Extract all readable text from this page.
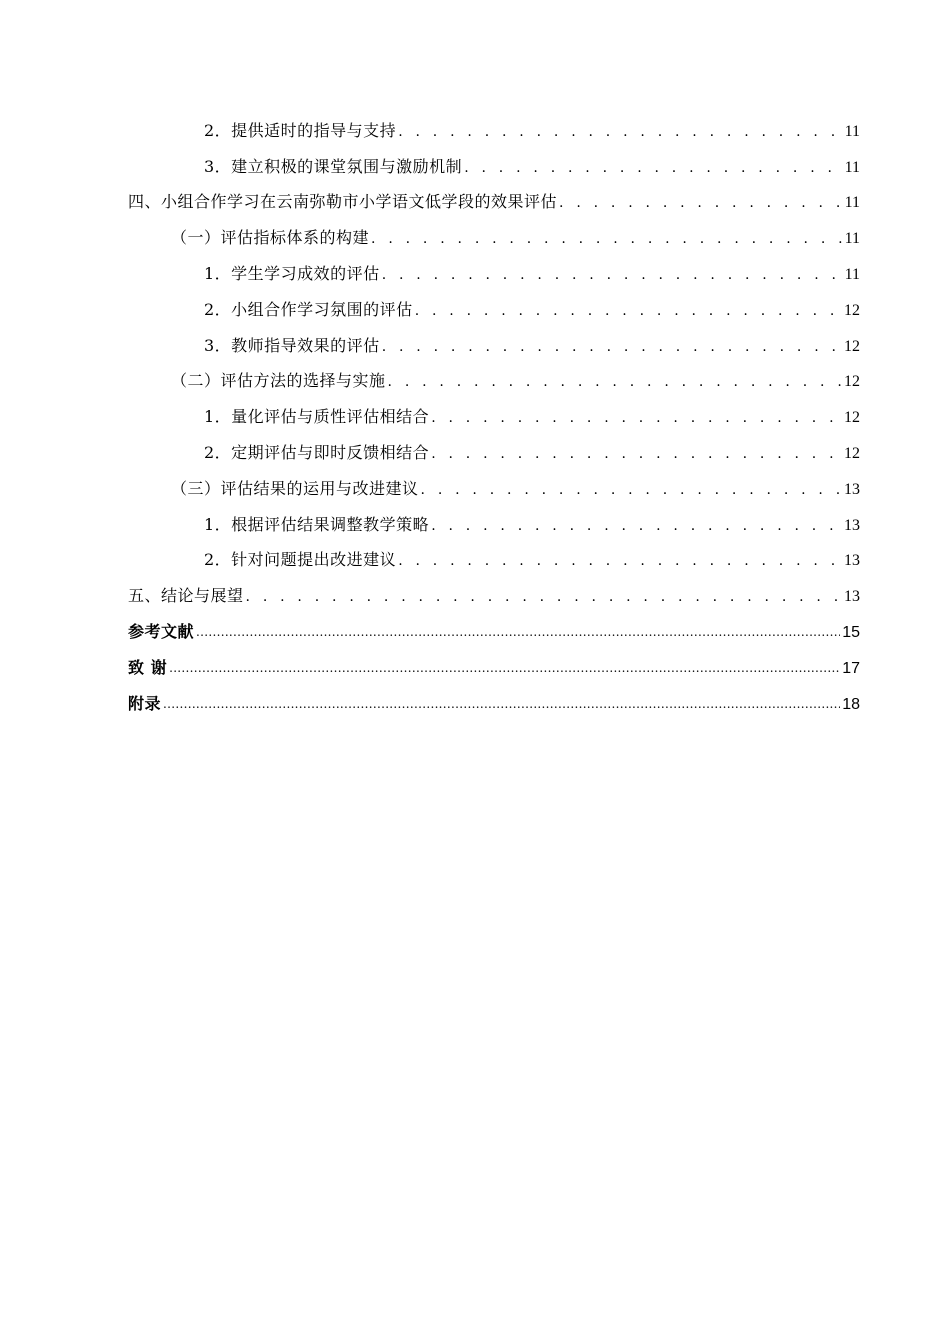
2．提供适时的指导与支持 . . .	11
3．建立积极的课堂氛围与激励机制 . . .	11
四、小组合作学习在云南弥勒市小学语文低学段的效果评估 . . .	11
（一）评估指标体系的构建 . . .	11
1．学生学习成效的评估 . . .	11
2．小组合作学习氛围的评估 . . .	12
3．教师指导效果的评估 . . .	12
（二）评估方法的选择与实施 . . .	12
1．量化评估与质性评估相结合 . . .	12
2．定期评估与即时反馈相结合 . . .	12
（三）评估结果的运用与改进建议 . . .	13
1．根据评估结果调整教学策略 . . .	13
2．针对问题提出改进建议 . . .	13
五、结论与展望 . . .	13
参考文献 .....	15
致 谢 .....	17
附录 .....	18
